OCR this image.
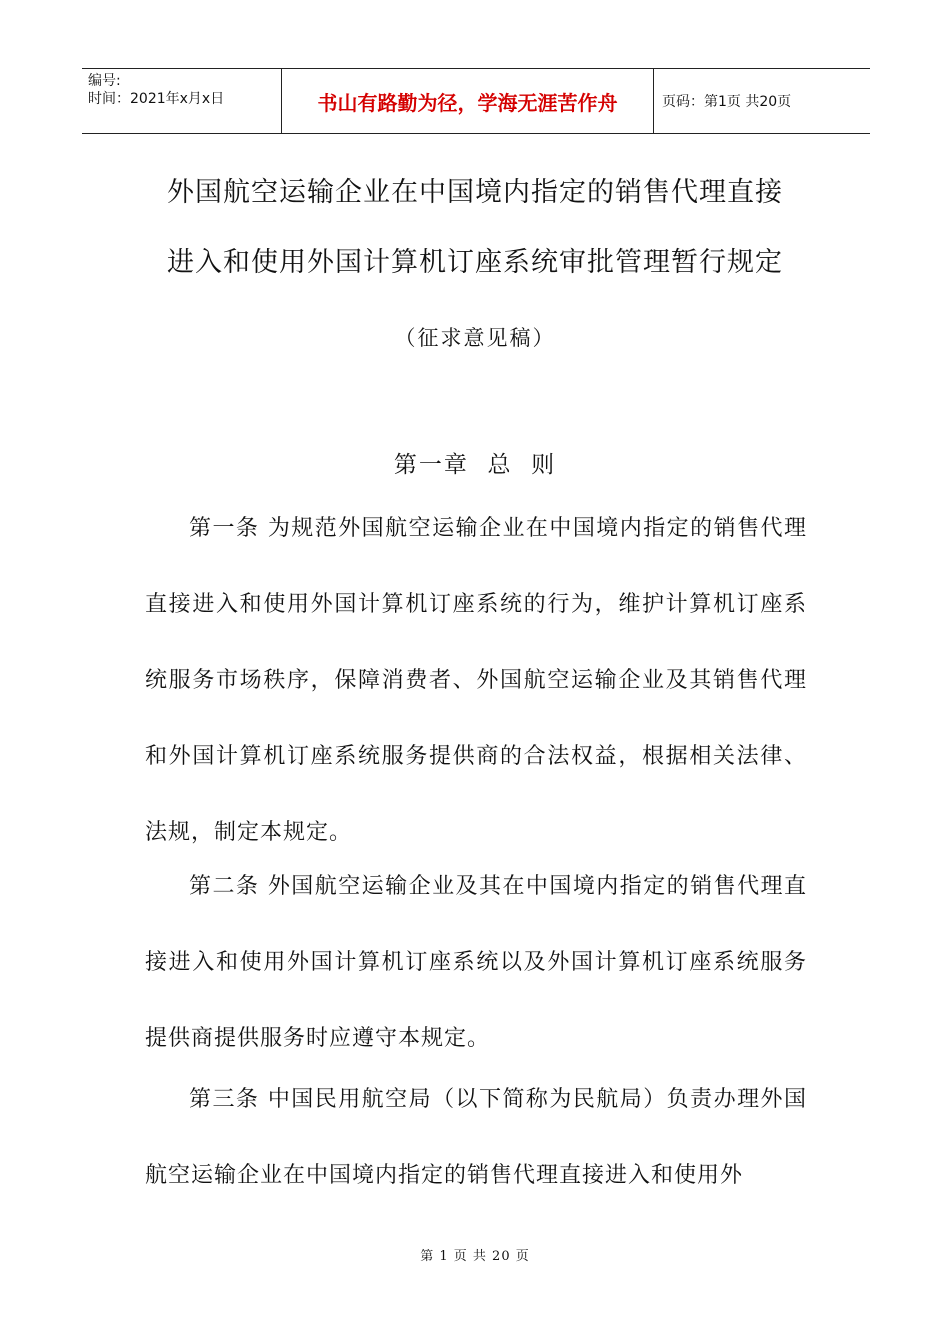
编号:
时间：2021年x月x日	书山有路勤为径，学海无涯苦作舟	页码：第1页 共20页
外国航空运输企业在中国境内指定的销售代理直接
进入和使用外国计算机订座系统审批管理暂行规定
（征求意见稿）
第一章  总  则
第一条 为规范外国航空运输企业在中国境内指定的销售代理直接进入和使用外国计算机订座系统的行为，维护计算机订座系统服务市场秩序，保障消费者、外国航空运输企业及其销售代理和外国计算机订座系统服务提供商的合法权益，根据相关法律、法规，制定本规定。
第二条 外国航空运输企业及其在中国境内指定的销售代理直接进入和使用外国计算机订座系统以及外国计算机订座系统服务提供商提供服务时应遵守本规定。
第三条 中国民用航空局（以下简称为民航局）负责办理外国航空运输企业在中国境内指定的销售代理直接进入和使用外
第 1 页 共 20 页
